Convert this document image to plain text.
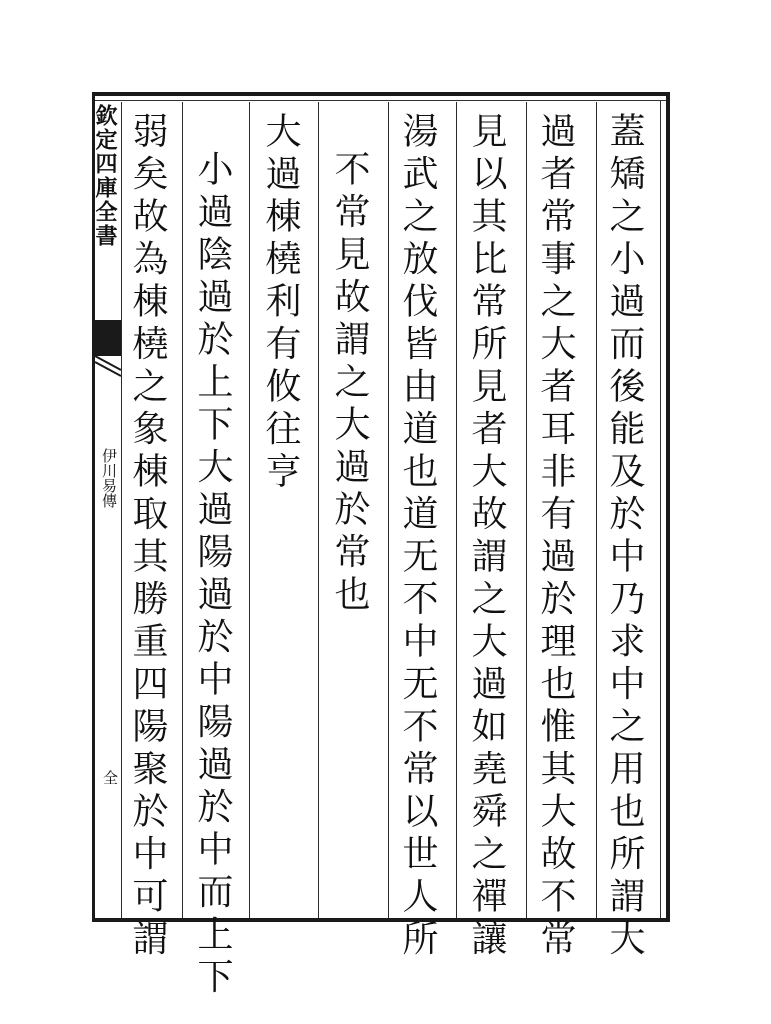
欽定四庫全書
伊川易傳
全	蓋矯之小過而後能及於中乃求中之用也所謂大
過者常事之大者耳非有過於理也惟其大故不常
見以其比常所見者大故謂之大過如堯舜之禪讓
湯武之放伐皆由道也道无不中无不常以世人所
不常見故謂之大過於常也
大過棟橈利有攸往亨
小過陰過於上下大過陽過於中陽過於中而上下
弱矣故為棟橈之象棟取其勝重四陽聚於中可謂
